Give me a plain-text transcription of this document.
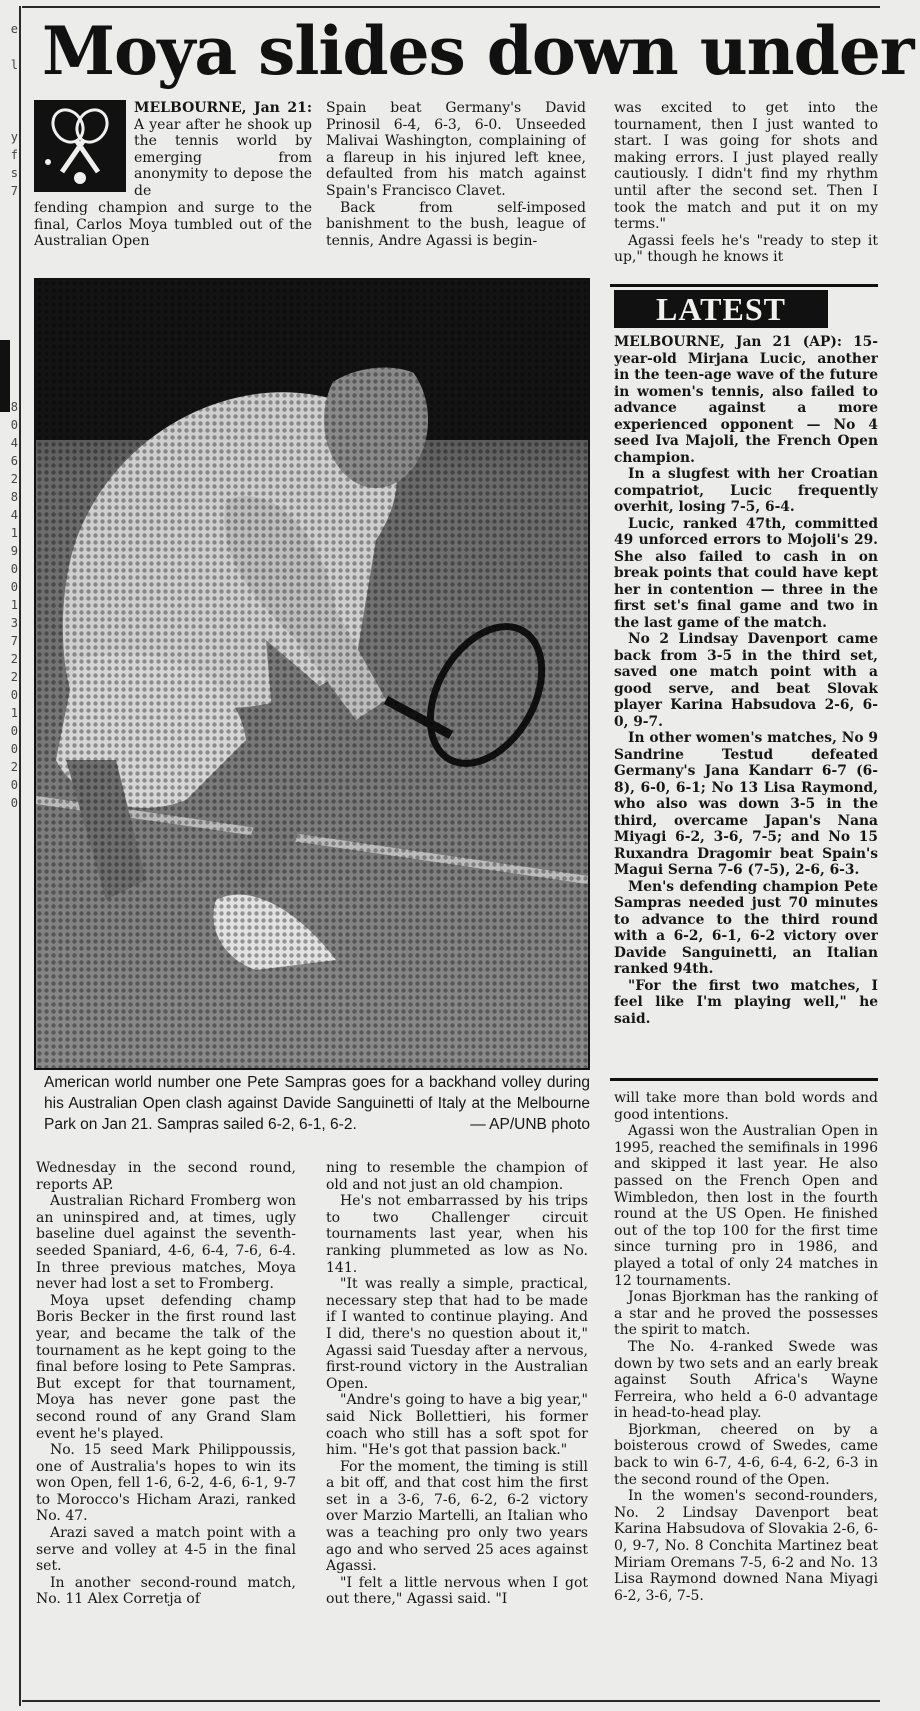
e
l
y
f
s
7
8
0
4
6
2
8
4
1
9
0
0
1
3
7
2
2
0
1
0
0
2
0
0
Moya slides down under
MELBOURNE, Jan 21: A year after he shook up the tennis world by emerging from anonymity to depose the de
fending champion and surge to the final, Carlos Moya tumbled out of the Australian Open

Spain beat Germany's David Prinosil 6-4, 6-3, 6-0. Unseeded Malivai Washington, complaining of a flareup in his injured left knee, defaulted from his match against Spain's Francisco Clavet.

Back from self-imposed banishment to the bush, league of tennis, Andre Agassi is begin-

was excited to get into the tournament, then I just wanted to start. I was going for shots and making errors. I just played really cautiously. I didn't find my rhythm until after the second set. Then I took the match and put it on my terms."

Agassi feels he's "ready to step it up," though he knows it

American world number one Pete Sampras goes for a backhand volley during his Australian Open clash against Davide Sanguinetti of Italy at the Melbourne Park on Jan 21. Sampras sailed 6-2, 6-1, 6-2.	— AP/UNB photo
LATEST

MELBOURNE, Jan 21 (AP): 15-year-old Mirjana Lucic, another in the teen-age wave of the future in women's tennis, also failed to advance against a more experienced opponent — No 4 seed Iva Majoli, the French Open champion.

In a slugfest with her Croatian compatriot, Lucic frequently overhit, losing 7-5, 6-4.

Lucic, ranked 47th, committed 49 unforced errors to Mojoli's 29. She also failed to cash in on break points that could have kept her in contention — three in the first set's final game and two in the last game of the match.

No 2 Lindsay Davenport came back from 3-5 in the third set, saved one match point with a good serve, and beat Slovak player Karina Habsudova 2-6, 6-0, 9-7.

In other women's matches, No 9 Sandrine Testud defeated Germany's Jana Kandarr 6-7 (6-8), 6-0, 6-1; No 13 Lisa Raymond, who also was down 3-5 in the third, overcame Japan's Nana Miyagi 6-2, 3-6, 7-5; and No 15 Ruxandra Dragomir beat Spain's Magui Serna 7-6 (7-5), 2-6, 6-3.

Men's defending champion Pete Sampras needed just 70 minutes to advance to the third round with a 6-2, 6-1, 6-2 victory over Davide Sanguinetti, an Italian ranked 94th.

"For the first two matches, I feel like I'm playing well," he said.

Wednesday in the second round, reports AP.

Australian Richard Fromberg won an uninspired and, at times, ugly baseline duel against the seventh-seeded Spaniard, 4-6, 6-4, 7-6, 6-4. In three previous matches, Moya never had lost a set to Fromberg.

Moya upset defending champ Boris Becker in the first round last year, and became the talk of the tournament as he kept going to the final before losing to Pete Sampras. But except for that tournament, Moya has never gone past the second round of any Grand Slam event he's played.

No. 15 seed Mark Philippoussis, one of Australia's hopes to win its won Open, fell 1-6, 6-2, 4-6, 6-1, 9-7 to Morocco's Hicham Arazi, ranked No. 47.

Arazi saved a match point with a serve and volley at 4-5 in the final set.

In another second-round match, No. 11 Alex Corretja of

ning to resemble the champion of old and not just an old champion.

He's not embarrassed by his trips to two Challenger circuit tournaments last year, when his ranking plummeted as low as No. 141.

"It was really a simple, practical, necessary step that had to be made if I wanted to continue playing. And I did, there's no question about it," Agassi said Tuesday after a nervous, first-round victory in the Australian Open.

"Andre's going to have a big year," said Nick Bollettieri, his former coach who still has a soft spot for him. "He's got that passion back."

For the moment, the timing is still a bit off, and that cost him the first set in a 3-6, 7-6, 6-2, 6-2 victory over Marzio Martelli, an Italian who was a teaching pro only two years ago and who served 25 aces against Agassi.

"I felt a little nervous when I got out there," Agassi said. "I

will take more than bold words and good intentions.

Agassi won the Australian Open in 1995, reached the semifinals in 1996 and skipped it last year. He also passed on the French Open and Wimbledon, then lost in the fourth round at the US Open. He finished out of the top 100 for the first time since turning pro in 1986, and played a total of only 24 matches in 12 tournaments.

Jonas Bjorkman has the ranking of a star and he proved the possesses the spirit to match.

The No. 4-ranked Swede was down by two sets and an early break against South Africa's Wayne Ferreira, who held a 6-0 advantage in head-to-head play.

Bjorkman, cheered on by a boisterous crowd of Swedes, came back to win 6-7, 4-6, 6-4, 6-2, 6-3 in the second round of the Open.

In the women's second-rounders, No. 2 Lindsay Davenport beat Karina Habsudova of Slovakia 2-6, 6-0, 9-7, No. 8 Conchita Martinez beat Miriam Oremans 7-5, 6-2 and No. 13 Lisa Raymond downed Nana Miyagi 6-2, 3-6, 7-5.
